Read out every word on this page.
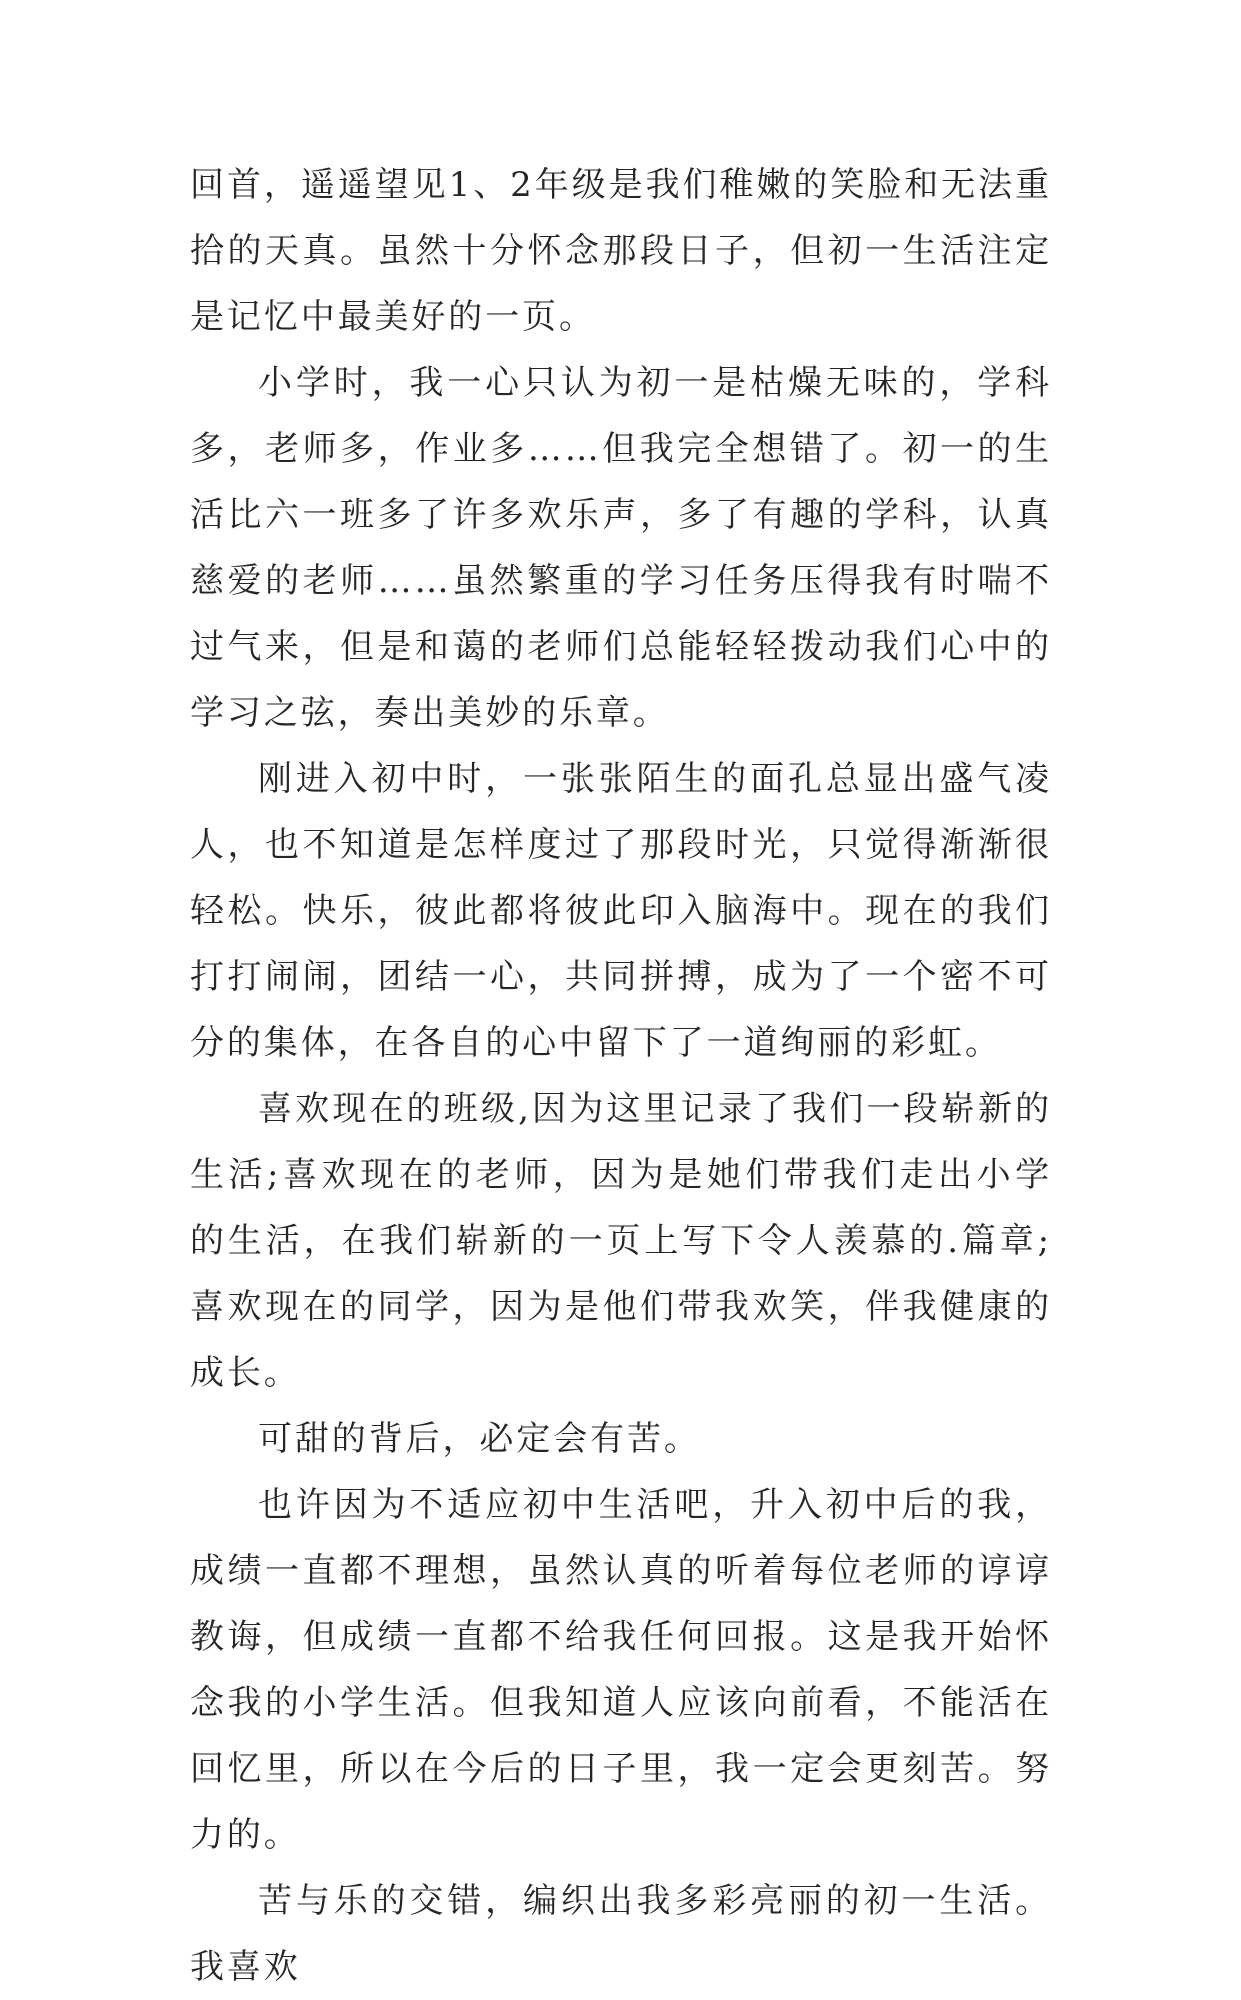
回首，遥遥望见1、2年级是我们稚嫩的笑脸和无法重拾的天真。虽然十分怀念那段日子，但初一生活注定是记忆中最美好的一页。

小学时，我一心只认为初一是枯燥无味的，学科多，老师多，作业多……但我完全想错了。初一的生活比六一班多了许多欢乐声，多了有趣的学科，认真慈爱的老师……虽然繁重的学习任务压得我有时喘不过气来，但是和蔼的老师们总能轻轻拨动我们心中的学习之弦，奏出美妙的乐章。

刚进入初中时，一张张陌生的面孔总显出盛气凌人，也不知道是怎样度过了那段时光，只觉得渐渐很轻松。快乐，彼此都将彼此印入脑海中。现在的我们打打闹闹，团结一心，共同拼搏，成为了一个密不可分的集体，在各自的心中留下了一道绚丽的彩虹。

喜欢现在的班级,因为这里记录了我们一段崭新的生活;喜欢现在的老师，因为是她们带我们走出小学的生活，在我们崭新的一页上写下令人羡慕的.篇章;喜欢现在的同学，因为是他们带我欢笑，伴我健康的成长。

可甜的背后，必定会有苦。

也许因为不适应初中生活吧，升入初中后的我，成绩一直都不理想，虽然认真的听着每位老师的谆谆教诲，但成绩一直都不给我任何回报。这是我开始怀念我的小学生活。但我知道人应该向前看，不能活在回忆里，所以在今后的日子里，我一定会更刻苦。努力的。

苦与乐的交错，编织出我多彩亮丽的初一生活。我喜欢
